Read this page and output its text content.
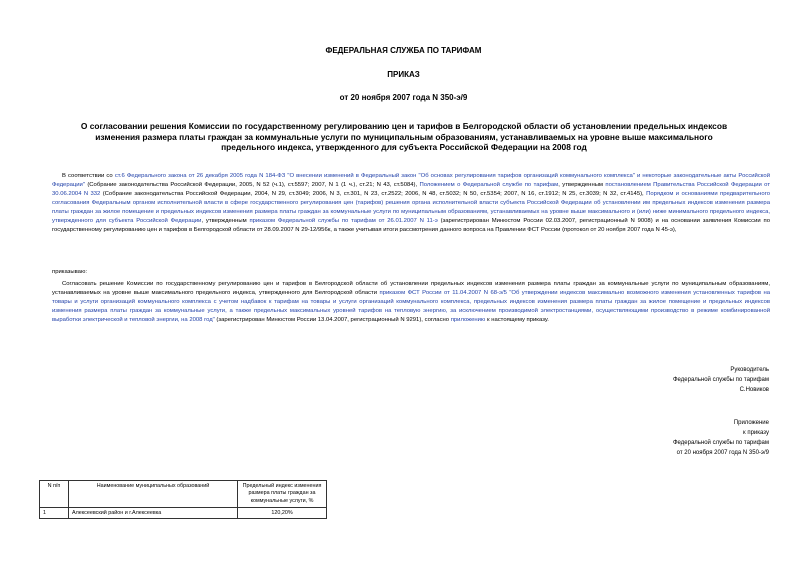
ФЕДЕРАЛЬНАЯ СЛУЖБА ПО ТАРИФАМ
ПРИКАЗ
от 20 ноября 2007 года N 350-э/9
О согласовании решения Комиссии по государственному регулированию цен и тарифов в Белгородской области об установлении предельных индексов изменения размера платы граждан за коммунальные услуги по муниципальным образованиям, устанавливаемых на уровне выше максимального предельного индекса, утвержденного для субъекта Российской Федерации на 2008 год
В соответствии со ст.6 Федерального закона от 26 декабря 2005 года N 184-ФЗ "О внесении изменений в Федеральный закон "Об основах регулирования тарифов организаций коммунального комплекса" и некоторые законодательные акты Российской Федерации" (Собрание законодательства Российской Федерации, 2005, N 52 (ч.1), ст.5597; 2007, N 1 (1 ч.), ст.21; N 43, ст.5084), Положением о Федеральной службе по тарифам, утвержденным постановлением Правительства Российской Федерации от 30.06.2004 N 332 (Собрание законодательства Российской Федерации, 2004, N 29, ст.3049; 2006, N 3, ст.301, N 23, ст.2522; 2006, N 48, ст.5032; N 50, ст.5354; 2007, N 16, ст.1912; N 25, ст.3039; N 32, ст.4145), Порядком и основаниями предварительного согласования Федеральным органом исполнительной власти в сфере государственного регулирования цен (тарифов) решения органа исполнительной власти субъекта Российской Федерации об установлении им предельных индексов изменения размера платы граждан за жилое помещение и предельных индексов изменения размера платы граждан за коммунальные услуги по муниципальным образованиям, устанавливаемых на уровне выше максимального и (или) ниже минимального предельного индекса, утвержденного для субъекта Российской Федерации, утвержденным приказом Федеральной службы по тарифам от 26.01.2007 N 11-э (зарегистрирован Минюстом России 02.03.2007, регистрационный N 9008) и на основании заявления Комиссии по государственному регулированию цен и тарифов в Белгородской области от 28.09.2007 N 29-12/956к, а также учитывая итоги рассмотрения данного вопроса на Правлении ФСТ России (протокол от 20 ноября 2007 года N 45-э),
приказываю:
Согласовать решение Комиссии по государственному регулированию цен и тарифов в Белгородской области об установлении предельных индексов изменения размера платы граждан за коммунальные услуги по муниципальным образованиям, устанавливаемых на уровне выше максимального предельного индекса, утвержденного для Белгородской области приказом ФСТ России от 11.04.2007 N 68-э/5 "Об утверждении индексов максимально возможного изменения установленных тарифов на товары и услуги организаций коммунального комплекса с учетом надбавок к тарифам на товары и услуги организаций коммунального комплекса, предельных индексов изменения размера платы граждан за жилое помещение и предельных индексов изменения размера платы граждан за коммунальные услуги, а также предельных максимальных уровней тарифов на тепловую энергию, за исключением производимой электростанциями, осуществляющими производство в режиме комбинированной выработки электрической и тепловой энергии, на 2008 год" (зарегистрирован Минюстом России 13.04.2007, регистрационный N 9291), согласно приложению к настоящему приказу.
Руководитель
Федеральной службы по тарифам
С.Новиков
Приложение
к приказу
Федеральной службы по тарифам
от 20 ноября 2007 года N 350-э/9
N п/п	Наименование муниципальных образований	Предельный индекс изменения размера платы граждан за коммунальные услуги, %
1	Алексеевский район и г.Алексеевка	120,20%
